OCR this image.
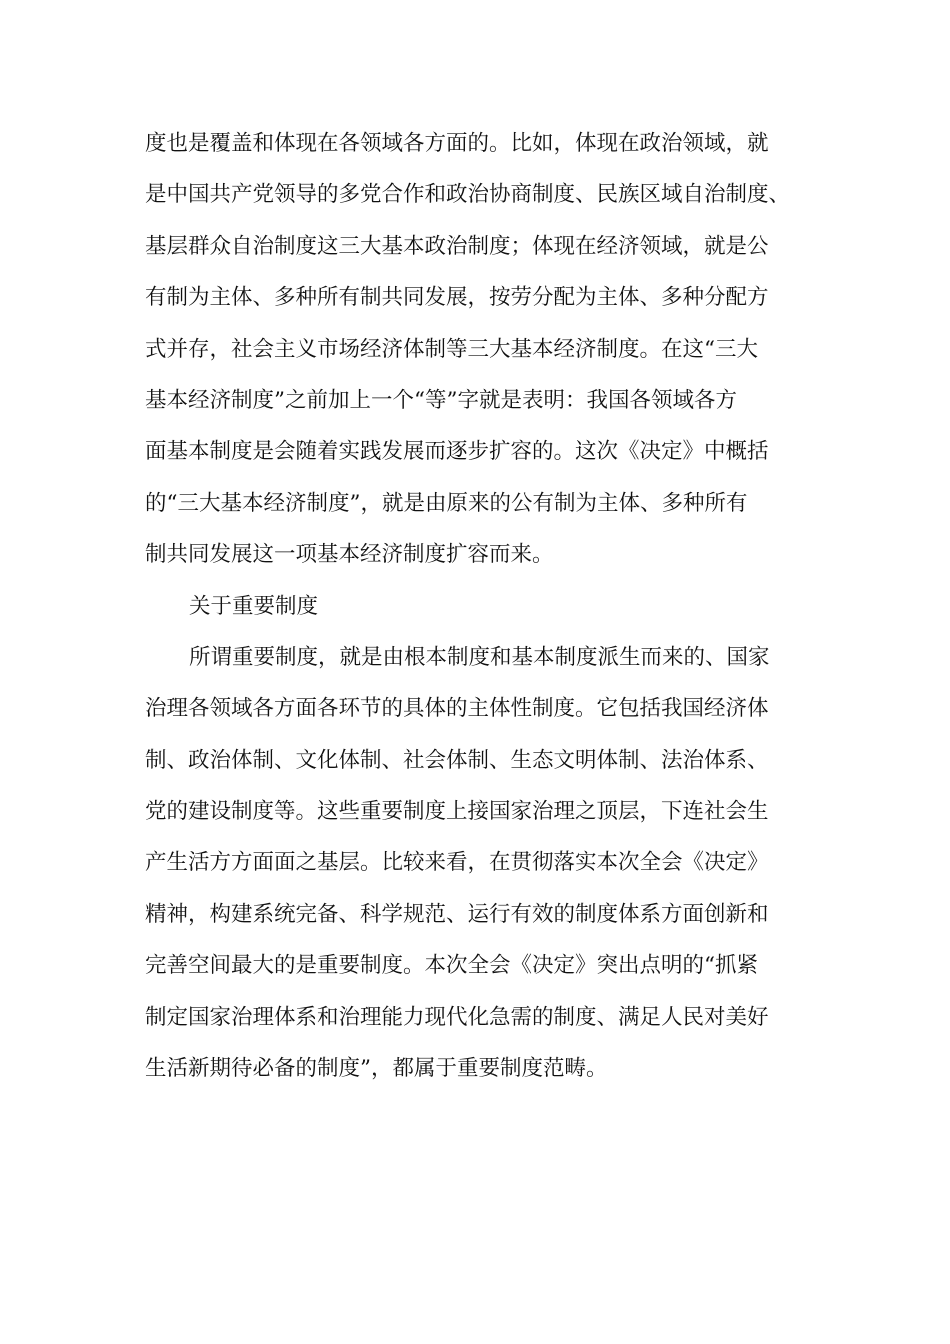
度也是覆盖和体现在各领域各方面的。比如，体现在政治领域，就
是中国共产党领导的多党合作和政治协商制度、民族区域自治制度、
基层群众自治制度这三大基本政治制度；体现在经济领域，就是公
有制为主体、多种所有制共同发展，按劳分配为主体、多种分配方
式并存，社会主义市场经济体制等三大基本经济制度。在这“三大
基本经济制度”之前加上一个“等”字就是表明：我国各领域各方
面基本制度是会随着实践发展而逐步扩容的。这次《决定》中概括
的“三大基本经济制度”，就是由原来的公有制为主体、多种所有
制共同发展这一项基本经济制度扩容而来。
关于重要制度
所谓重要制度，就是由根本制度和基本制度派生而来的、国家
治理各领域各方面各环节的具体的主体性制度。它包括我国经济体
制、政治体制、文化体制、社会体制、生态文明体制、法治体系、
党的建设制度等。这些重要制度上接国家治理之顶层，下连社会生
产生活方方面面之基层。比较来看，在贯彻落实本次全会《决定》
精神，构建系统完备、科学规范、运行有效的制度体系方面创新和
完善空间最大的是重要制度。本次全会《决定》突出点明的“抓紧
制定国家治理体系和治理能力现代化急需的制度、满足人民对美好
生活新期待必备的制度”，都属于重要制度范畴。
